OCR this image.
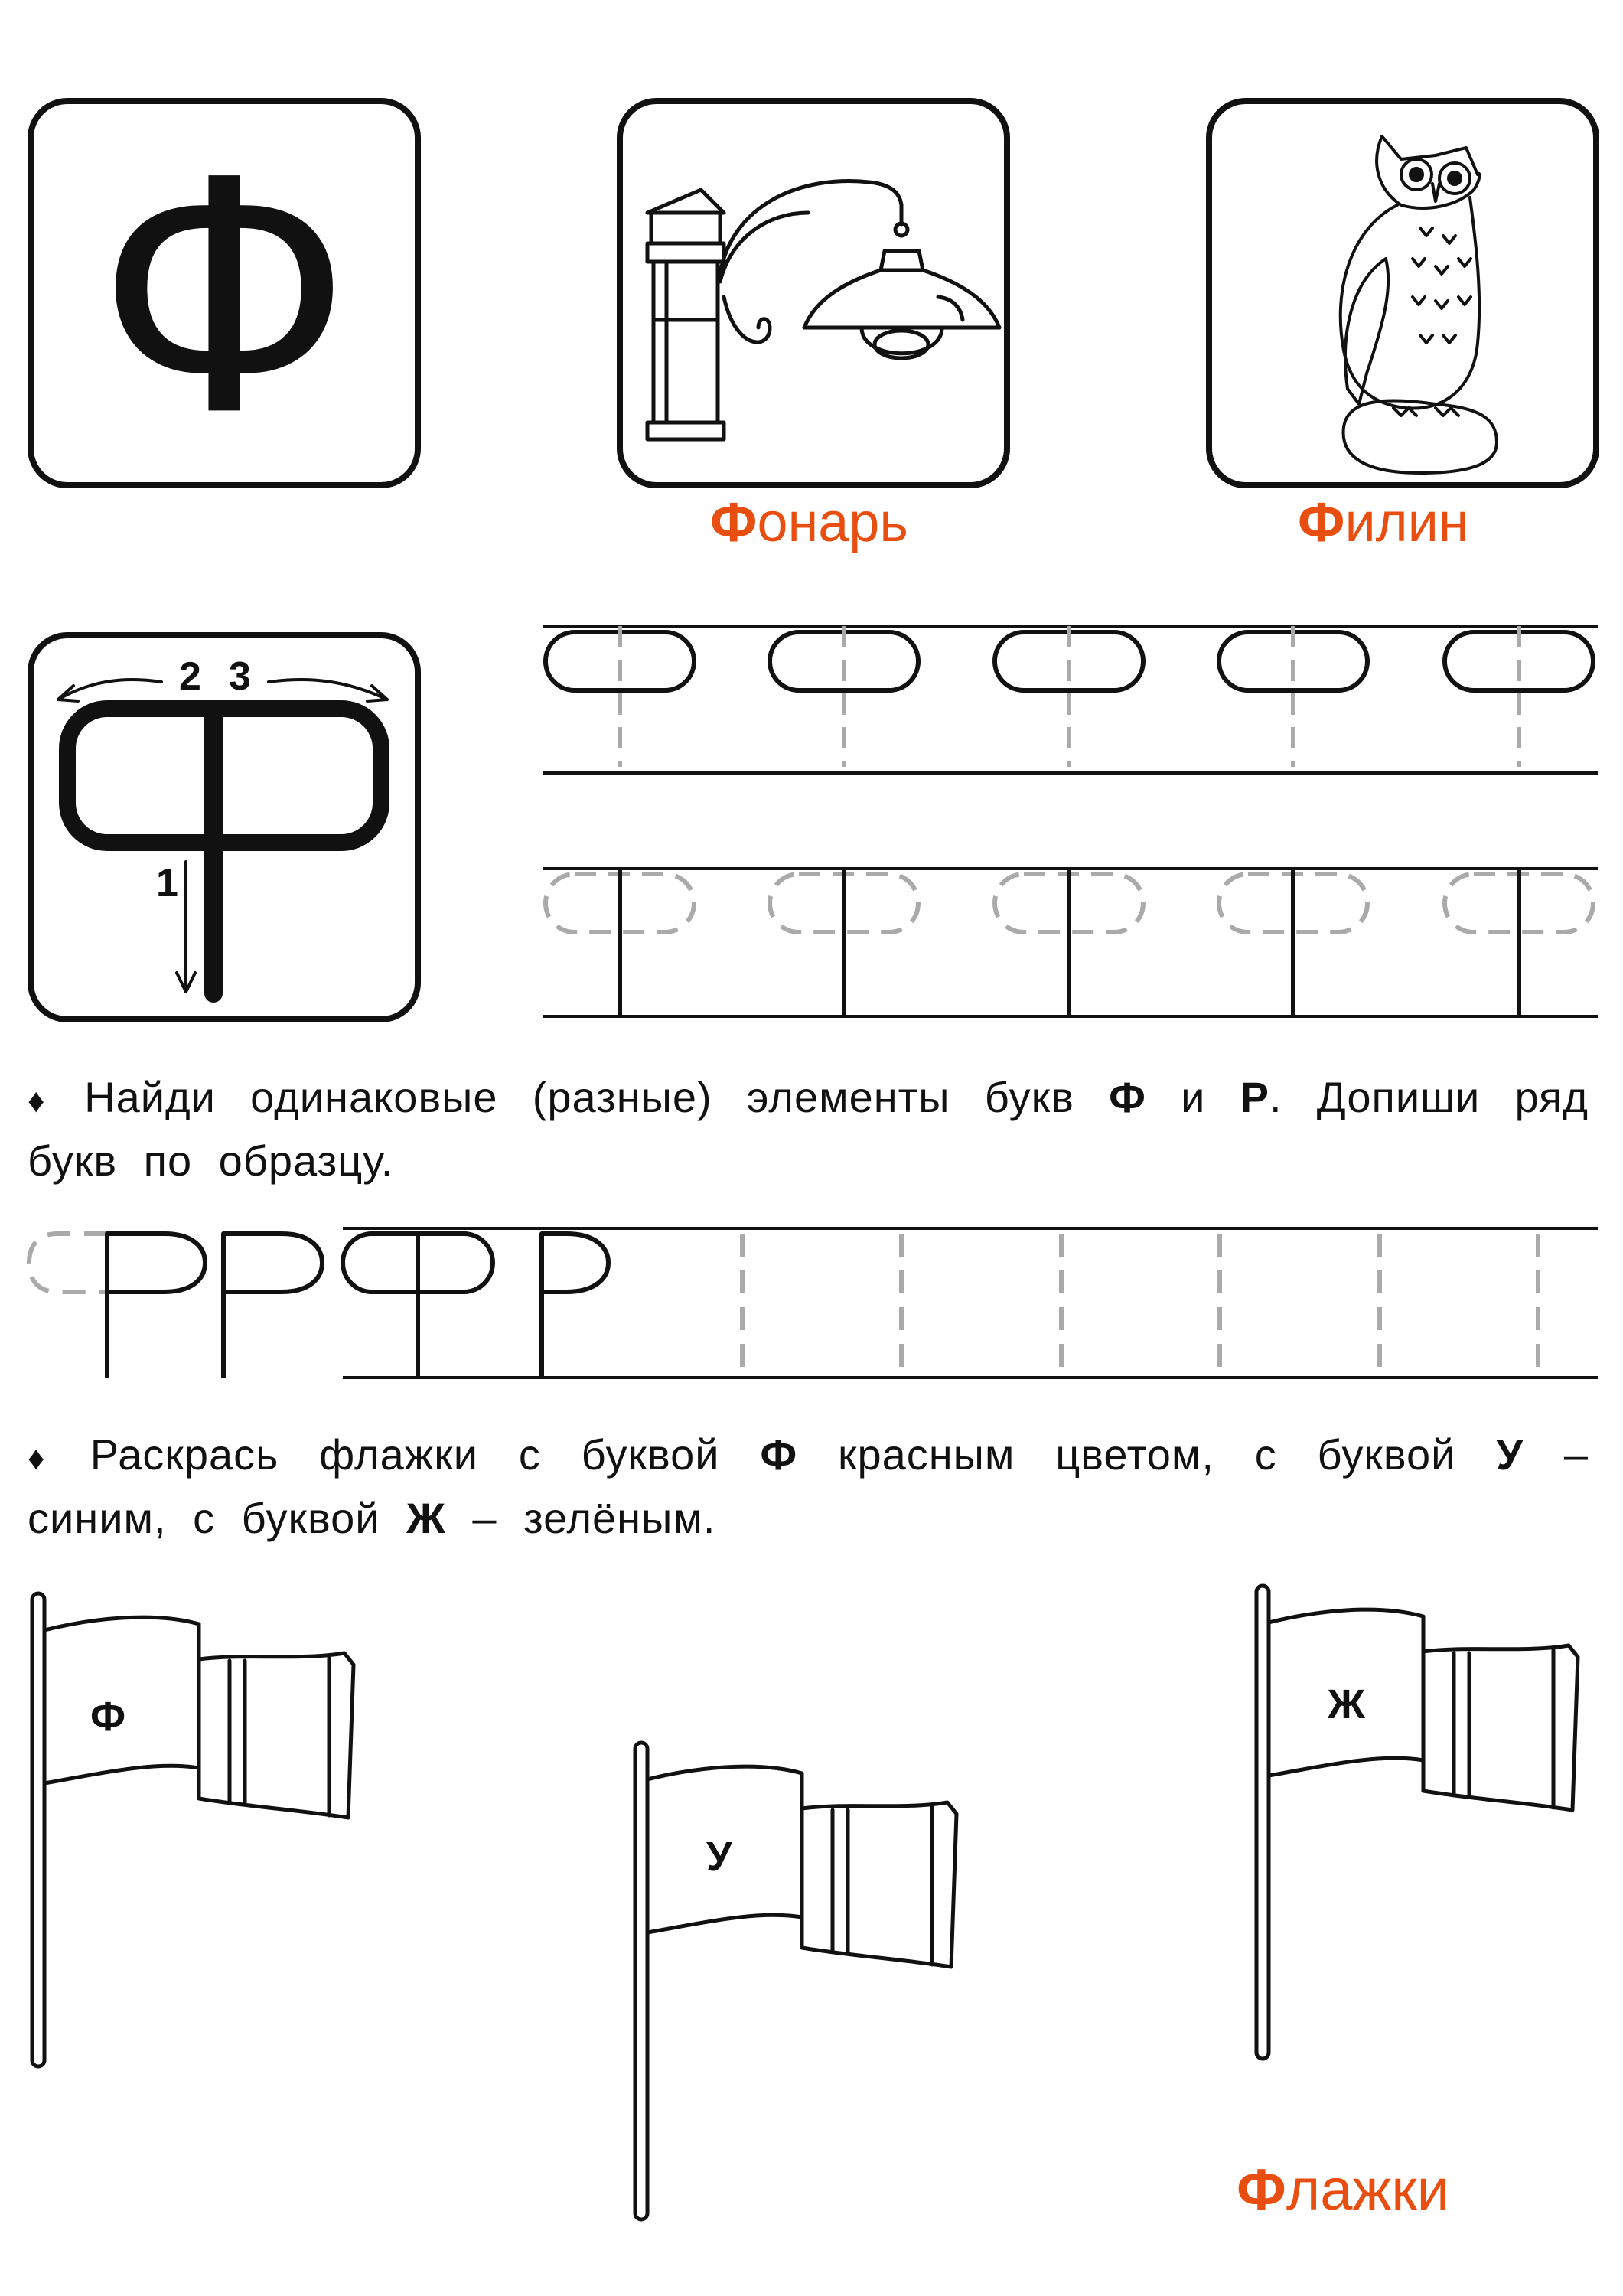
Ф
Фонарь	Филин
2 3
1
♦ Найди одинаковые (разные) элементы букв Ф и Р. Допиши ряд букв по образцу.
♦ Раскрась флажки с буквой Ф красным цветом, с буквой У – синим, с буквой Ж – зелёным.
Ф
У
Ж
Флажки
